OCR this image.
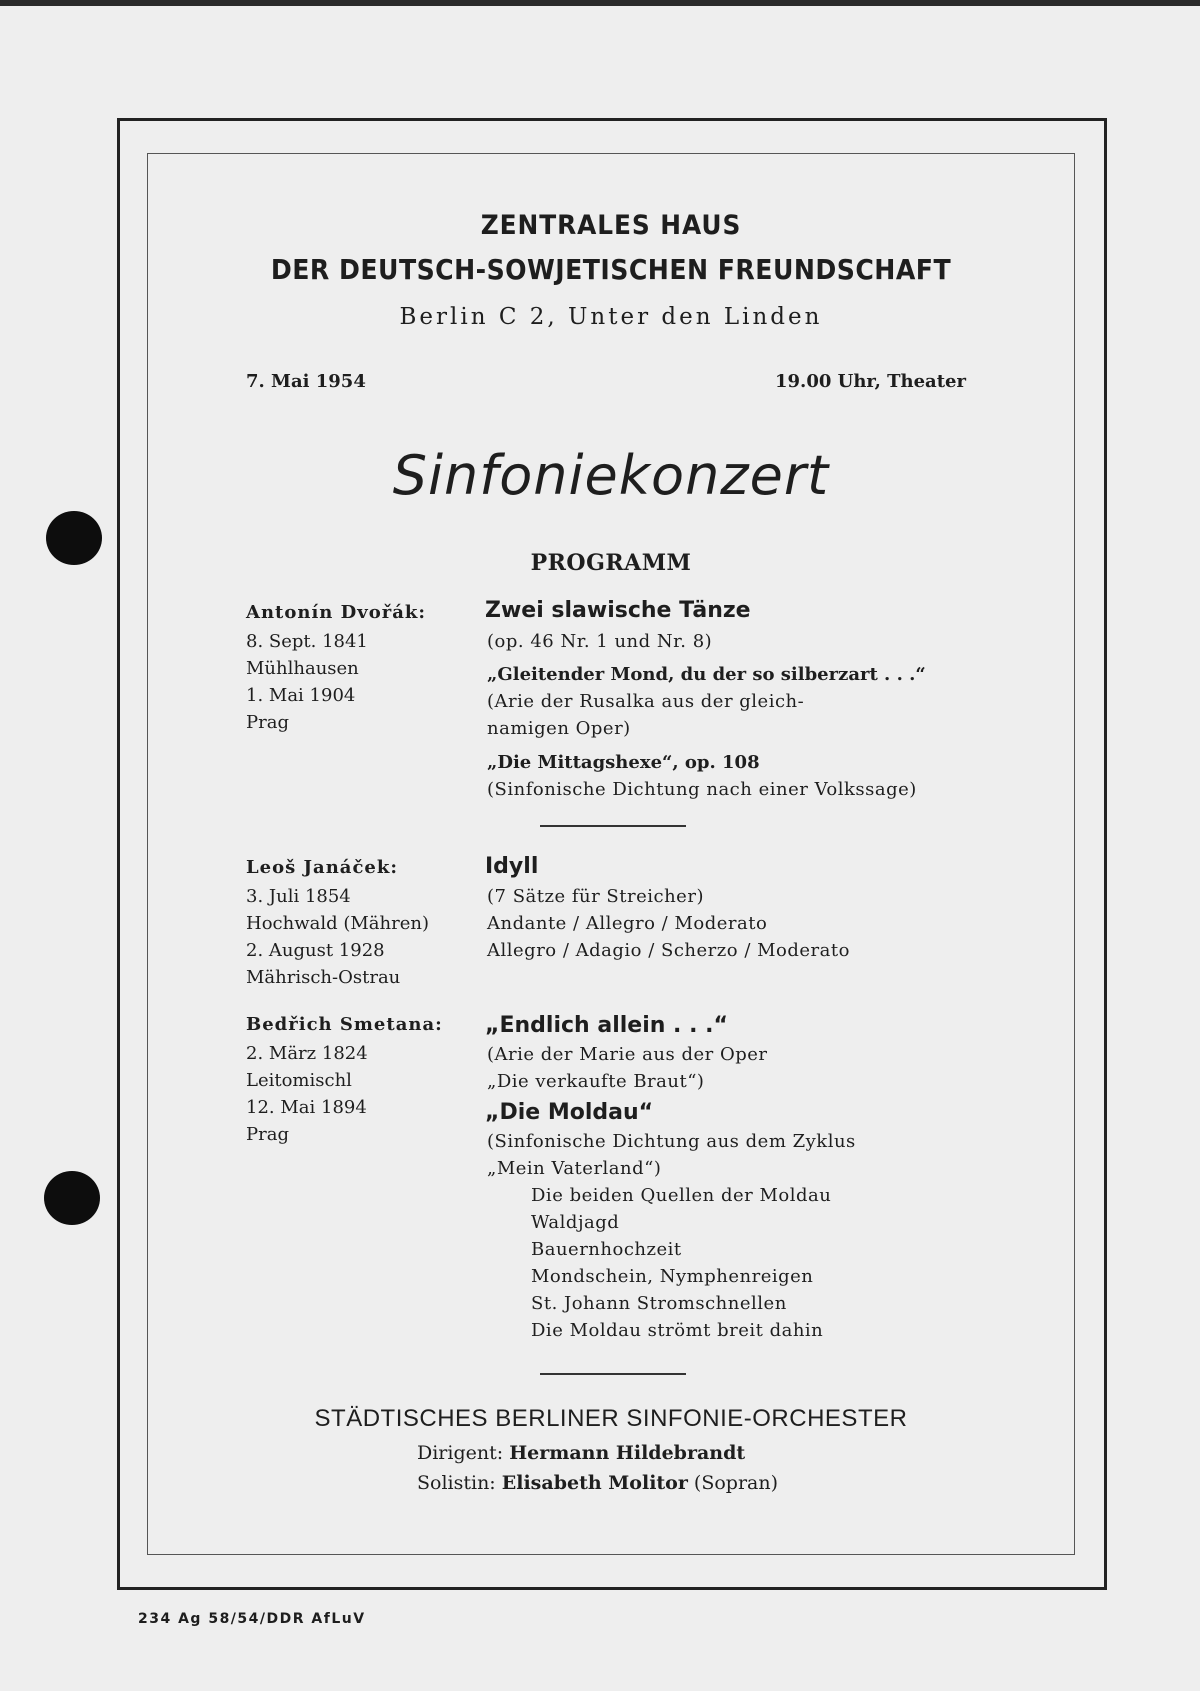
ZENTRALES HAUS
DER DEUTSCH-SOWJETISCHEN FREUNDSCHAFT
Berlin C 2, Unter den Linden
7. Mai 1954	19.00 Uhr, Theater
Sinfoniekonzert
PROGRAMM
Antonín Dvořák:
8. Sept. 1841
Mühlhausen
1. Mai 1904
Prag
Zwei slawische Tänze
(op. 46 Nr. 1 und Nr. 8)
„Gleitender Mond, du der so silberzart . . .“
(Arie der Rusalka aus der gleich-
namigen Oper)
„Die Mittagshexe“, op. 108
(Sinfonische Dichtung nach einer Volkssage)
Leoš Janáček:
3. Juli 1854
Hochwald (Mähren)
2. August 1928
Mährisch-Ostrau
Idyll
(7 Sätze für Streicher)
Andante / Allegro / Moderato
Allegro / Adagio / Scherzo / Moderato
Bedřich Smetana:
2. März 1824
Leitomischl
12. Mai 1894
Prag
„Endlich allein . . .“
(Arie der Marie aus der Oper
„Die verkaufte Braut“)
„Die Moldau“
(Sinfonische Dichtung aus dem Zyklus
„Mein Vaterland“)
Die beiden Quellen der Moldau
Waldjagd
Bauernhochzeit
Mondschein, Nymphenreigen
St. Johann Stromschnellen
Die Moldau strömt breit dahin
STÄDTISCHES BERLINER SINFONIE-ORCHESTER
Dirigent: Hermann Hildebrandt
Solistin: Elisabeth Molitor (Sopran)
234 Ag 58/54/DDR AfLuV
